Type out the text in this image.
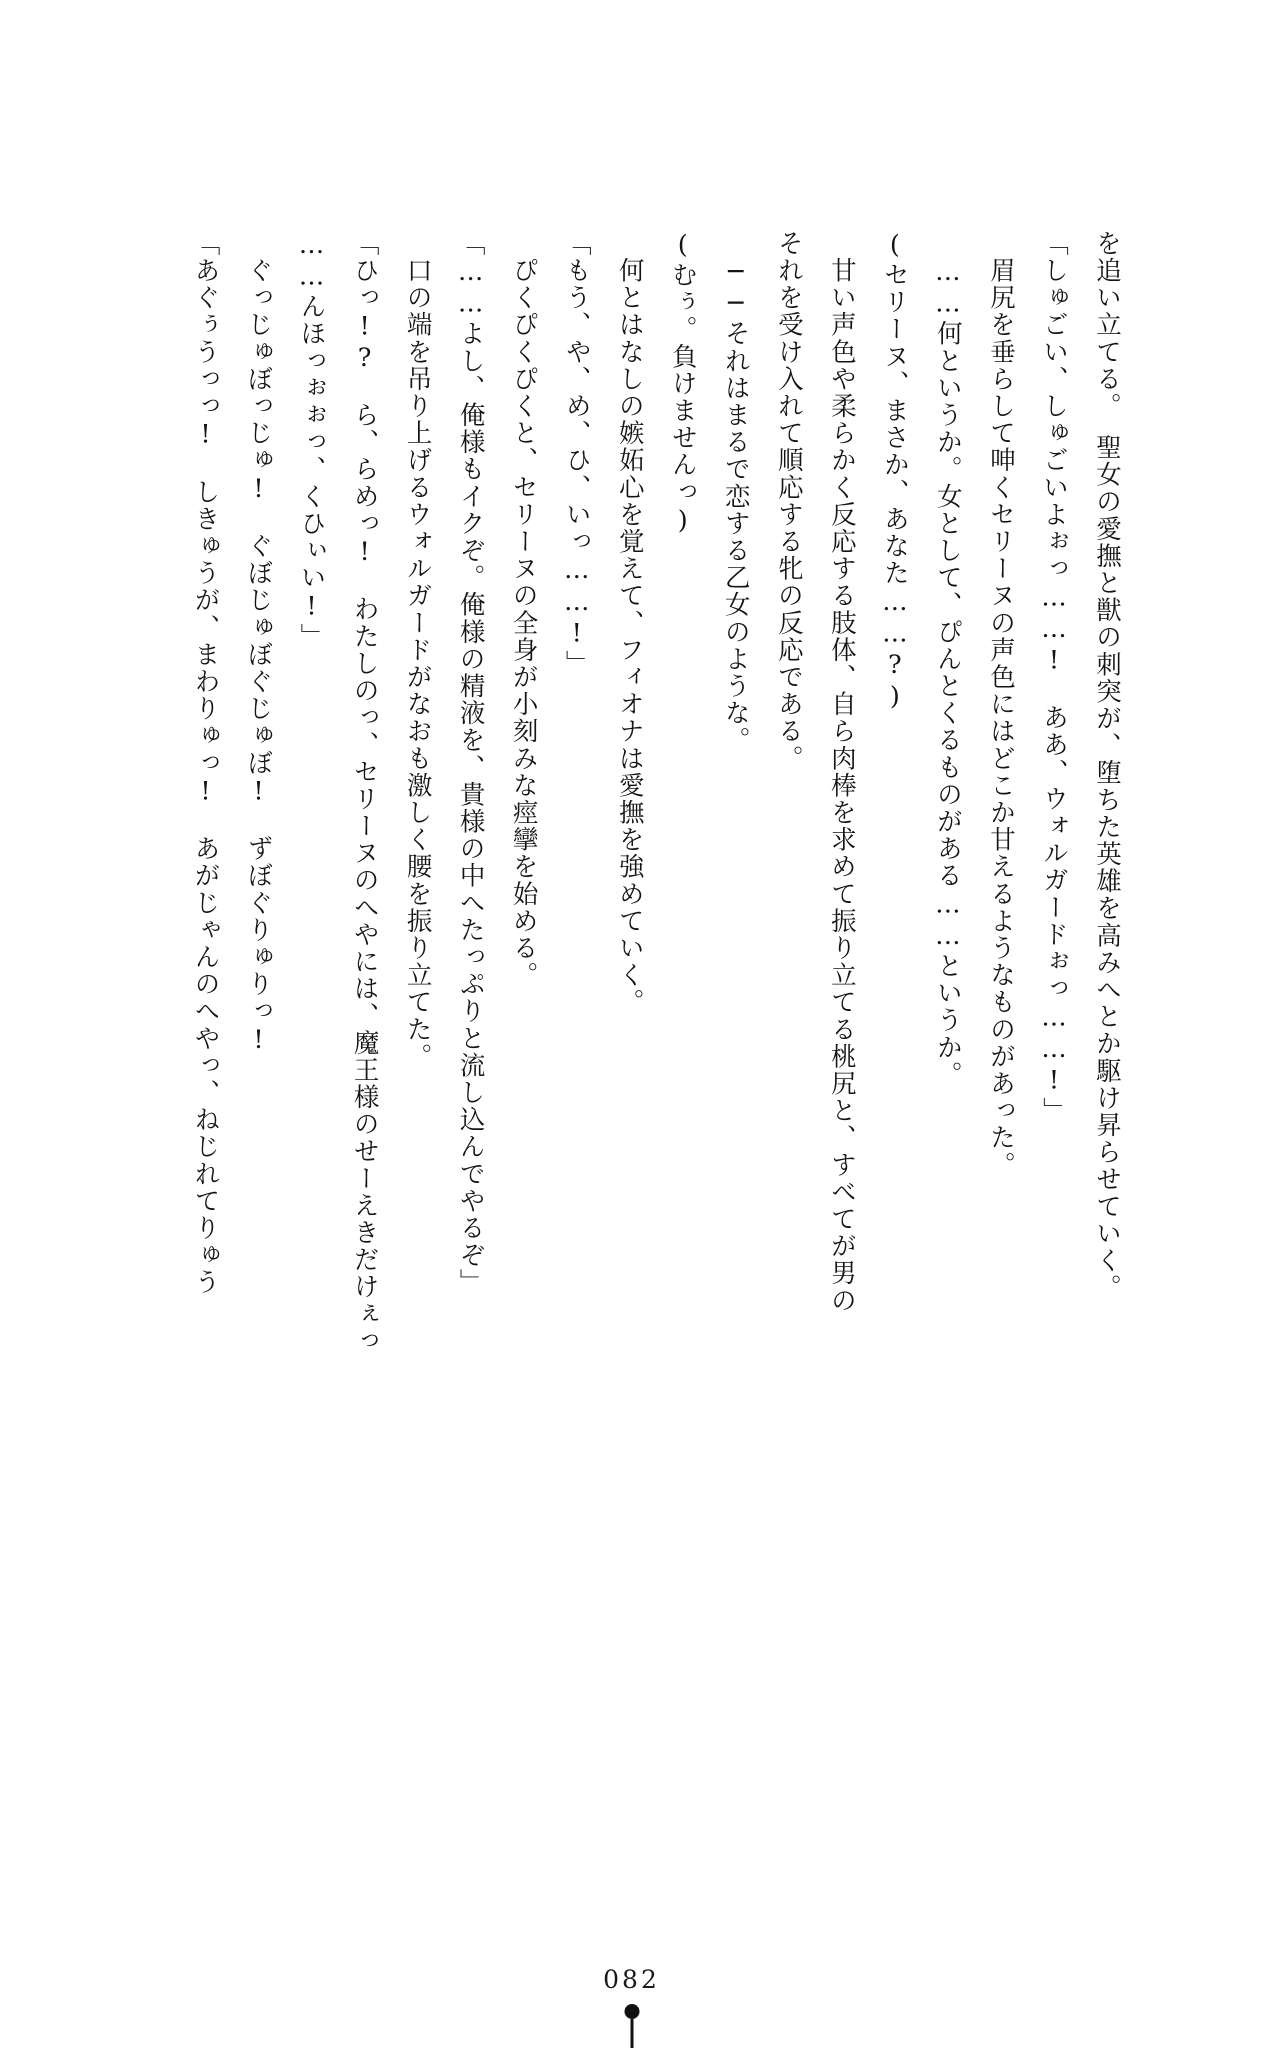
を追い立てる。　聖女の愛撫と獣の刺突が、堕ちた英雄を高みへとか駆け昇らせていく。

「しゅごい、しゅごいよぉっ……!　ああ、ウォルガードぉっ……!」

　眉尻を垂らして呻くセリーヌの声色にはどこか甘えるようなものがあった。

　……何というか。女として、ぴんとくるものがある……というか。

(セリーヌ、まさか、あなた……?)

　甘い声色や柔らかく反応する肢体、自ら肉棒を求めて振り立てる桃尻と、すべてが男の

それを受け入れて順応する牝の反応である。

　──それはまるで恋する乙女のような。

(むぅ。負けませんっ)

　何とはなしの嫉妬心を覚えて、フィオナは愛撫を強めていく。

「もう、や、め、ひ、いっ……!」

　ぴくぴくぴくと、セリーヌの全身が小刻みな痙攣を始める。

「……よし、俺様もイクぞ。俺様の精液を、貴様の中へたっぷりと流し込んでやるぞ」

　口の端を吊り上げるウォルガードがなおも激しく腰を振り立てた。

「ひっ!?　ら、らめっ!　わたしのっ、セリーヌのへやには、魔王様のせーえきだけぇっ

……んほっぉぉっ、くひぃい!」

　ぐっじゅぼっじゅ!　ぐぼじゅぼぐじゅぼ!　ずぼぐりゅりっ!

「あぐぅうっっ!　しきゅうが、まわりゅっ!　あがじゃんのへやっ、ねじれてりゅう

082
